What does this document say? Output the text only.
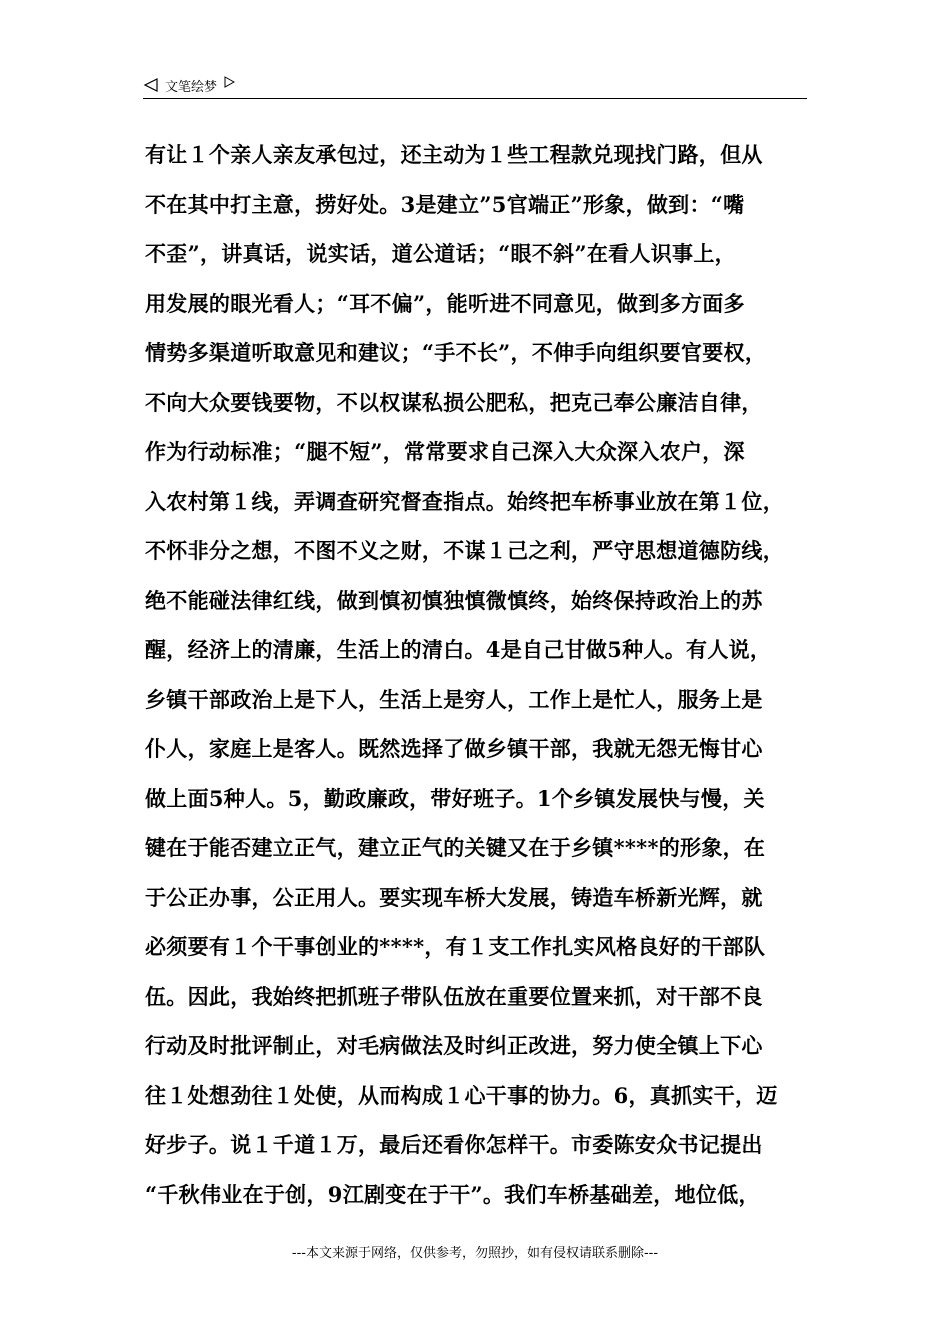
文笔绘梦
有让１个亲人亲友承包过，还主动为１些工程款兑现找门路，但从
不在其中打主意，捞好处。3是建立”5官端正”形象，做到：“嘴
不歪”，讲真话，说实话，道公道话；“眼不斜”在看人识事上，
用发展的眼光看人；“耳不偏”，能听进不同意见，做到多方面多
情势多渠道听取意见和建议；“手不长”，不伸手向组织要官要权，
不向大众要钱要物，不以权谋私损公肥私，把克己奉公廉洁自律，
作为行动标准；“腿不短”，常常要求自己深入大众深入农户，深
入农村第１线，弄调查研究督查指点。始终把车桥事业放在第１位，
不怀非分之想，不图不义之财，不谋１己之利，严守思想道德防线，
绝不能碰法律红线，做到慎初慎独慎微慎终，始终保持政治上的苏
醒，经济上的清廉，生活上的清白。4是自己甘做5种人。有人说，
乡镇干部政治上是下人，生活上是穷人，工作上是忙人，服务上是
仆人，家庭上是客人。既然选择了做乡镇干部，我就无怨无悔甘心
做上面5种人。5，勤政廉政，带好班子。1个乡镇发展快与慢，关
键在于能否建立正气，建立正气的关键又在于乡镇****的形象，在
于公正办事，公正用人。要实现车桥大发展，铸造车桥新光辉，就
必须要有１个干事创业的****，有１支工作扎实风格良好的干部队
伍。因此，我始终把抓班子带队伍放在重要位置来抓，对干部不良
行动及时批评制止，对毛病做法及时纠正改进，努力使全镇上下心
往１处想劲往１处使，从而构成１心干事的协力。6，真抓实干，迈
好步子。说１千道１万，最后还看你怎样干。市委陈安众书记提出
“千秋伟业在于创，9江剧变在于干”。我们车桥基础差，地位低，
---本文来源于网络，仅供参考，勿照抄，如有侵权请联系删除---
